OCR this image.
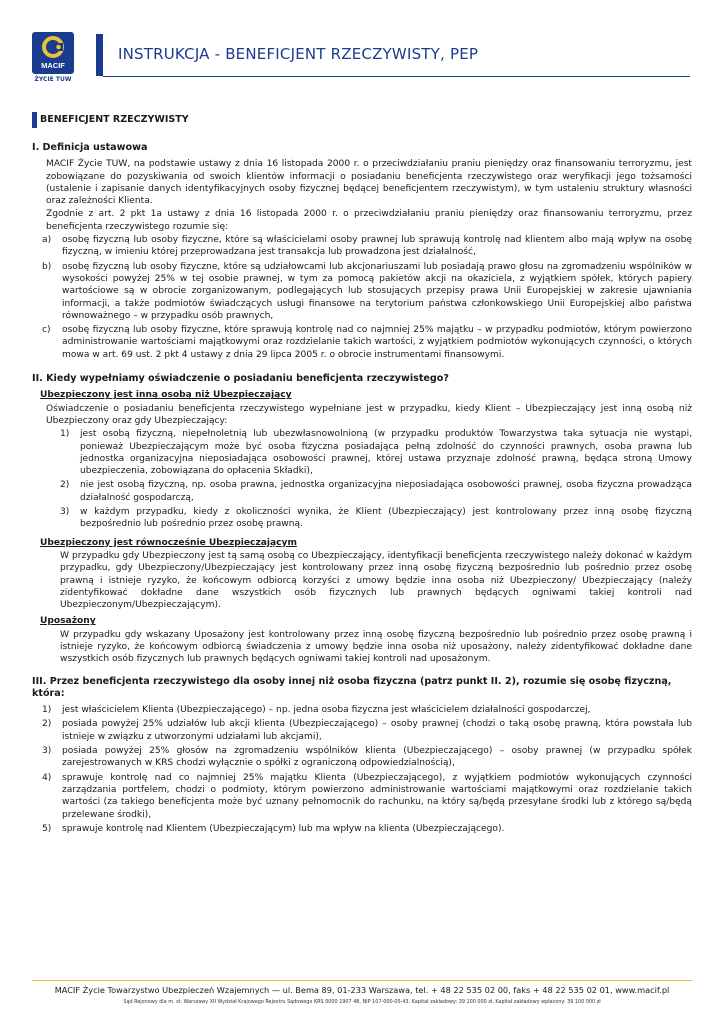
MACIF
ŻYCIE TUW
INSTRUKCJA - BENEFICJENT RZECZYWISTY, PEP
BENEFICJENT RZECZYWISTY
I. Definicja ustawowa
MACIF Życie TUW, na podstawie ustawy z dnia 16 listopada 2000 r. o przeciwdziałaniu praniu pieniędzy oraz finansowaniu terroryzmu, jest zobowiązane do pozyskiwania od swoich klientów informacji o posiadaniu beneficjenta rzeczywistego oraz weryfikacji jego tożsamości (ustalenie i zapisanie danych identyfikacyjnych osoby fizycznej będącej beneficjentem rzeczywistym), w tym ustaleniu struktury własności oraz zależności Klienta.
Zgodnie z art. 2 pkt 1a ustawy z dnia 16 listopada 2000 r. o przeciwdziałaniu praniu pieniędzy oraz finansowaniu terroryzmu, przez beneficjenta rzeczywistego rozumie się:
a) osobę fizyczną lub osoby fizyczne, które są właścicielami osoby prawnej lub sprawują kontrolę nad klientem albo mają wpływ na osobę fizyczną, w imieniu której przeprowadzana jest transakcja lub prowadzona jest działalność,
b) osobę fizyczną lub osoby fizyczne, które są udziałowcami lub akcjonariuszami lub posiadają prawo głosu na zgromadzeniu wspólników w wysokości powyżej 25% w tej osobie prawnej, w tym za pomocą pakietów akcji na okaziciela, z wyjątkiem spółek, których papiery wartościowe są w obrocie zorganizowanym, podlegających lub stosujących przepisy prawa Unii Europejskiej w zakresie ujawniania informacji, a także podmiotów świadczących usługi finansowe na terytorium państwa członkowskiego Unii Europejskiej albo państwa równoważnego – w przypadku osób prawnych,
c) osobę fizyczną lub osoby fizyczne, które sprawują kontrolę nad co najmniej 25% majątku – w przypadku podmiotów, którym powierzono administrowanie wartościami majątkowymi oraz rozdzielanie takich wartości, z wyjątkiem podmiotów wykonujących czynności, o których mowa w art. 69 ust. 2 pkt 4 ustawy z dnia 29 lipca 2005 r. o obrocie instrumentami finansowymi.
II. Kiedy wypełniamy oświadczenie o posiadaniu beneficjenta rzeczywistego?
Ubezpieczony jest inną osobą niż Ubezpieczający
Oświadczenie o posiadaniu beneficjenta rzeczywistego wypełniane jest w przypadku, kiedy Klient – Ubezpieczający jest inną osobą niż Ubezpieczony oraz gdy Ubezpieczający:
1) jest osobą fizyczną, niepełnoletnią lub ubezwłasnowolnioną (w przypadku produktów Towarzystwa taka sytuacja nie wystąpi, ponieważ Ubezpieczającym może być osoba fizyczna posiadająca pełną zdolność do czynności prawnych, osoba prawna lub jednostka organizacyjna nieposiadająca osobowości prawnej, której ustawa przyznaje zdolność prawną, będąca stroną Umowy ubezpieczenia, zobowiązana do opłacenia Składki),
2) nie jest osobą fizyczną, np. osoba prawna, jednostka organizacyjna nieposiadająca osobowości prawnej, osoba fizyczna prowadząca działalność gospodarczą,
3) w każdym przypadku, kiedy z okoliczności wynika, że Klient (Ubezpieczający) jest kontrolowany przez inną osobę fizyczną bezpośrednio lub pośrednio przez osobę prawną.
Ubezpieczony jest równocześnie Ubezpieczającym
W przypadku gdy Ubezpieczony jest tą samą osobą co Ubezpieczający, identyfikacji beneficjenta rzeczywistego należy dokonać w każdym przypadku, gdy Ubezpieczony/Ubezpieczający jest kontrolowany przez inną osobę fizyczną bezpośrednio lub pośrednio przez osobę prawną i istnieje ryzyko, że końcowym odbiorcą korzyści z umowy będzie inna osoba niż Ubezpieczony/ Ubezpieczający (należy zidentyfikować dokładne dane wszystkich osób fizycznych lub prawnych będących ogniwami takiej kontroli nad Ubezpieczonym/Ubezpieczającym).
Uposażony
W przypadku gdy wskazany Uposażony jest kontrolowany przez inną osobę fizyczną bezpośrednio lub pośrednio przez osobę prawną i istnieje ryzyko, że końcowym odbiorcą świadczenia z umowy będzie inna osoba niż uposażony, należy zidentyfikować dokładne dane wszystkich osób fizycznych lub prawnych będących ogniwami takiej kontroli nad uposażonym.
III. Przez beneficjenta rzeczywistego dla osoby innej niż osoba fizyczna (patrz punkt II. 2), rozumie się osobę fizyczną, która:
1) jest właścicielem Klienta (Ubezpieczającego) – np. jedna osoba fizyczna jest właścicielem działalności gospodarczej,
2) posiada powyżej 25% udziałów lub akcji klienta (Ubezpieczającego) – osoby prawnej (chodzi o taką osobę prawną, która powstała lub istnieje w związku z utworzonymi udziałami lub akcjami),
3) posiada powyżej 25% głosów na zgromadzeniu wspólników klienta (Ubezpieczającego) – osoby prawnej (w przypadku spółek zarejestrowanych w KRS chodzi wyłącznie o spółki z ograniczoną odpowiedzialnością),
4) sprawuje kontrolę nad co najmniej 25% majątku Klienta (Ubezpieczającego), z wyjątkiem podmiotów wykonujących czynności zarządzania portfelem, chodzi o podmioty, którym powierzono administrowanie wartościami majątkowymi oraz rozdzielanie takich wartości (za takiego beneficjenta może być uznany pełnomocnik do rachunku, na który są/będą przesyłane środki lub z którego są/będą przelewane środki),
5) sprawuje kontrolę nad Klientem (Ubezpieczającym) lub ma wpływ na klienta (Ubezpieczającego).
MACIF Życie Towarzystwo Ubezpieczeń Wzajemnych — ul. Bema 89, 01-233 Warszawa, tel. + 48 22 535 02 00, faks + 48 22 535 02 01, www.macif.pl
Sąd Rejonowy dla m. st. Warszawy XII Wydział Krajowego Rejestru Sądowego KRS 0000 1907 48, NIP 107-000-05-43, Kapitał zakładowy: 39 100 000 zł, Kapitał zakładowy wpłacony: 39 100 000 zł
